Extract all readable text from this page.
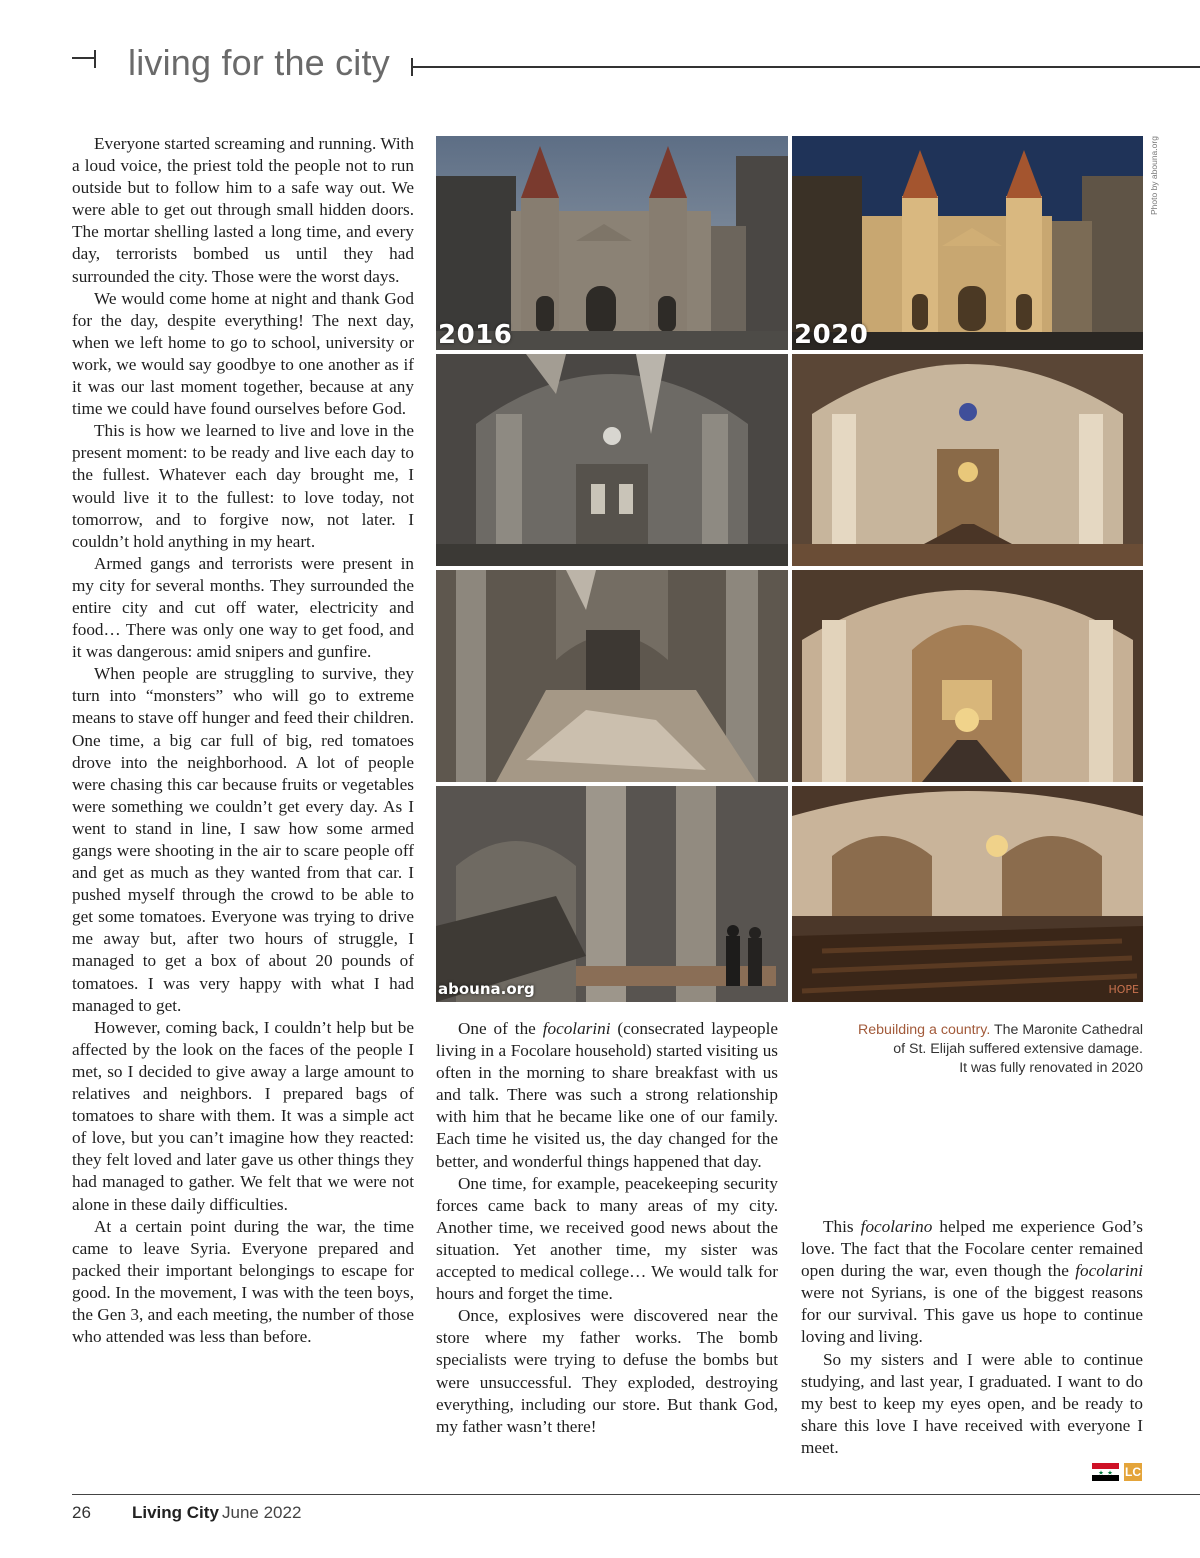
living for the city

Everyone started screaming and running. With a loud voice, the priest told the people not to run outside but to follow him to a safe way out. We were able to get out through small hidden doors. The mortar shelling lasted a long time, and every day, terrorists bombed us until they had surrounded the city. Those were the worst days.

We would come home at night and thank God for the day, despite everything! The next day, when we left home to go to school, university or work, we would say goodbye to one another as if it was our last moment together, because at any time we could have found ourselves before God.

This is how we learned to live and love in the present moment: to be ready and live each day to the fullest. Whatever each day brought me, I would live it to the fullest: to love today, not tomorrow, and to forgive now, not later. I couldn’t hold anything in my heart.

Armed gangs and terrorists were present in my city for several months. They surrounded the entire city and cut off water, electricity and food… There was only one way to get food, and it was dangerous: amid snipers and gunfire.

When people are struggling to survive, they turn into “monsters” who will go to extreme means to stave off hunger and feed their children. One time, a big car full of big, red tomatoes drove into the neighborhood. A lot of people were chasing this car because fruits or vegetables were something we couldn’t get every day. As I went to stand in line, I saw how some armed gangs were shooting in the air to scare people off and get as much as they wanted from that car. I pushed myself through the crowd to be able to get some tomatoes. Everyone was trying to drive me away but, after two hours of struggle, I managed to get a box of about 20 pounds of tomatoes. I was very happy with what I had managed to get.

However, coming back, I couldn’t help but be affected by the look on the faces of the people I met, so I decided to give away a large amount to relatives and neighbors. I prepared bags of tomatoes to share with them. It was a simple act of love, but you can’t imagine how they reacted: they felt loved and later gave us other things they had managed to gather. We felt that we were not alone in these daily difficulties.

At a certain point during the war, the time came to leave Syria. Everyone prepared and packed their important belongings to escape for good. In the movement, I was with the teen boys, the Gen 3, and each meeting, the number of those who attended was less than before.

2016	2020
abouna.org	HOPE
Photo by abouna.org
Rebuilding a country. The Maronite Cathedral
of St. Elijah suffered extensive damage.
It was fully renovated in 2020

One of the focolarini (consecrated laypeople living in a Focolare household) started visiting us often in the morning to share breakfast with us and talk. There was such a strong relationship with him that he became like one of our family. Each time he visited us, the day changed for the better, and wonderful things happened that day.

One time, for example, peacekeeping security forces came back to many areas of my city. Another time, we received good news about the situation. Yet another time, my sister was accepted to medical college… We would talk for hours and forget the time.

Once, explosives were discovered near the store where my father works. The bomb specialists were trying to defuse the bombs but were unsuccessful. They exploded, destroying everything, including our store. But thank God, my father wasn’t there!

This focolarino helped me experience God’s love. The fact that the Focolare center remained open during the war, even though the focolarini were not Syrians, is one of the biggest reasons for our survival. This gave us hope to continue loving and living.

So my sisters and I were able to continue studying, and last year, I graduated. I want to do my best to keep my eyes open, and be ready to share this love I have received with everyone I meet.

LC
26 Living City June 2022
